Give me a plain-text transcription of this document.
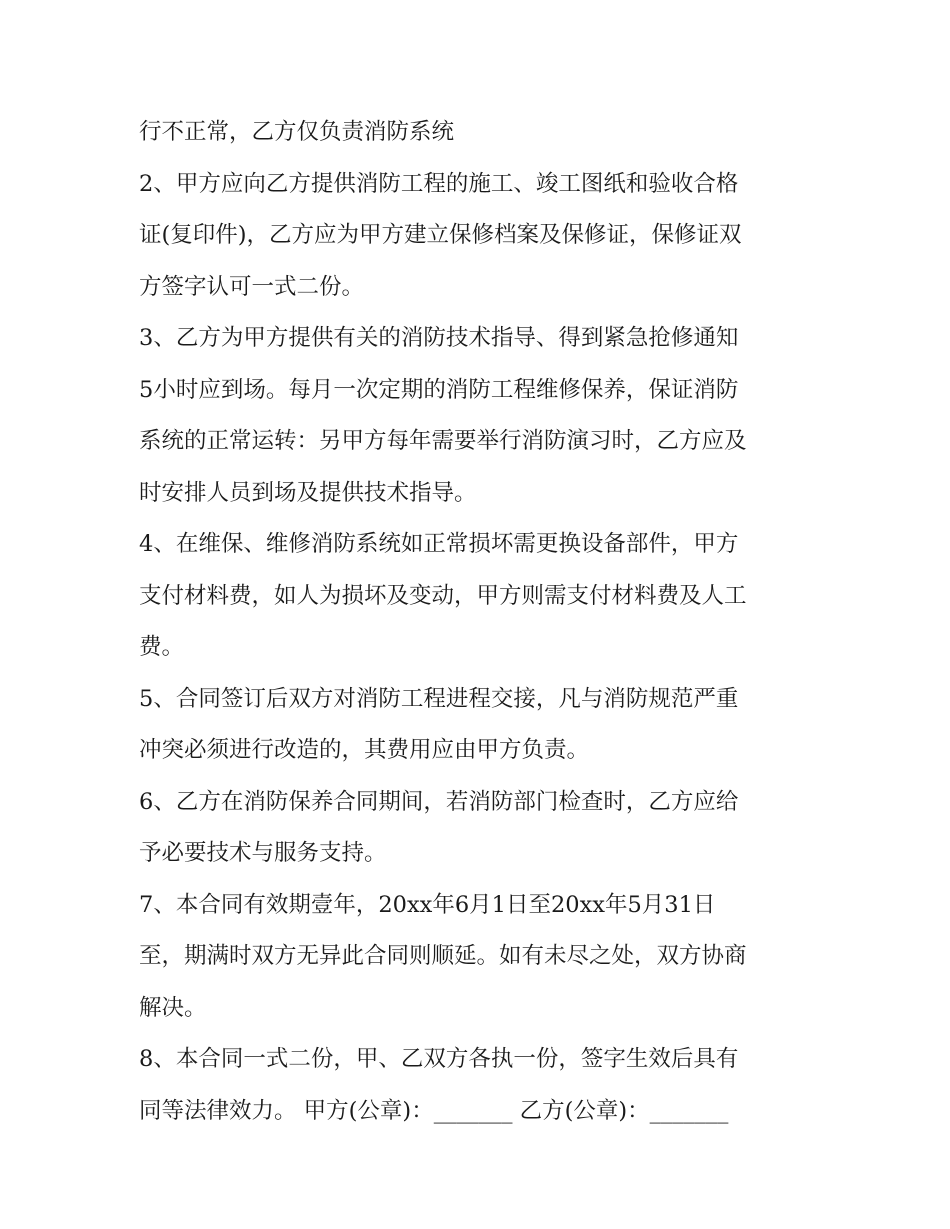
行不正常，乙方仅负责消防系统
2、甲方应向乙方提供消防工程的施工、竣工图纸和验收合格
证(复印件)，乙方应为甲方建立保修档案及保修证，保修证双
方签字认可一式二份。
3、乙方为甲方提供有关的消防技术指导、得到紧急抢修通知
5小时应到场。每月一次定期的消防工程维修保养，保证消防
系统的正常运转：另甲方每年需要举行消防演习时，乙方应及
时安排人员到场及提供技术指导。
4、在维保、维修消防系统如正常损坏需更换设备部件，甲方
支付材料费，如人为损坏及变动，甲方则需支付材料费及人工
费。
5、合同签订后双方对消防工程进程交接，凡与消防规范严重
冲突必须进行改造的，其费用应由甲方负责。
6、乙方在消防保养合同期间，若消防部门检查时，乙方应给
予必要技术与服务支持。
7、本合同有效期壹年，20xx年6月1日至20xx年5月31日
至，期满时双方无异此合同则顺延。如有未尽之处，双方协商
解决。
8、本合同一式二份，甲、乙双方各执一份，签字生效后具有
同等法律效力。 甲方(公章)：_______ 乙方(公章)：_______
